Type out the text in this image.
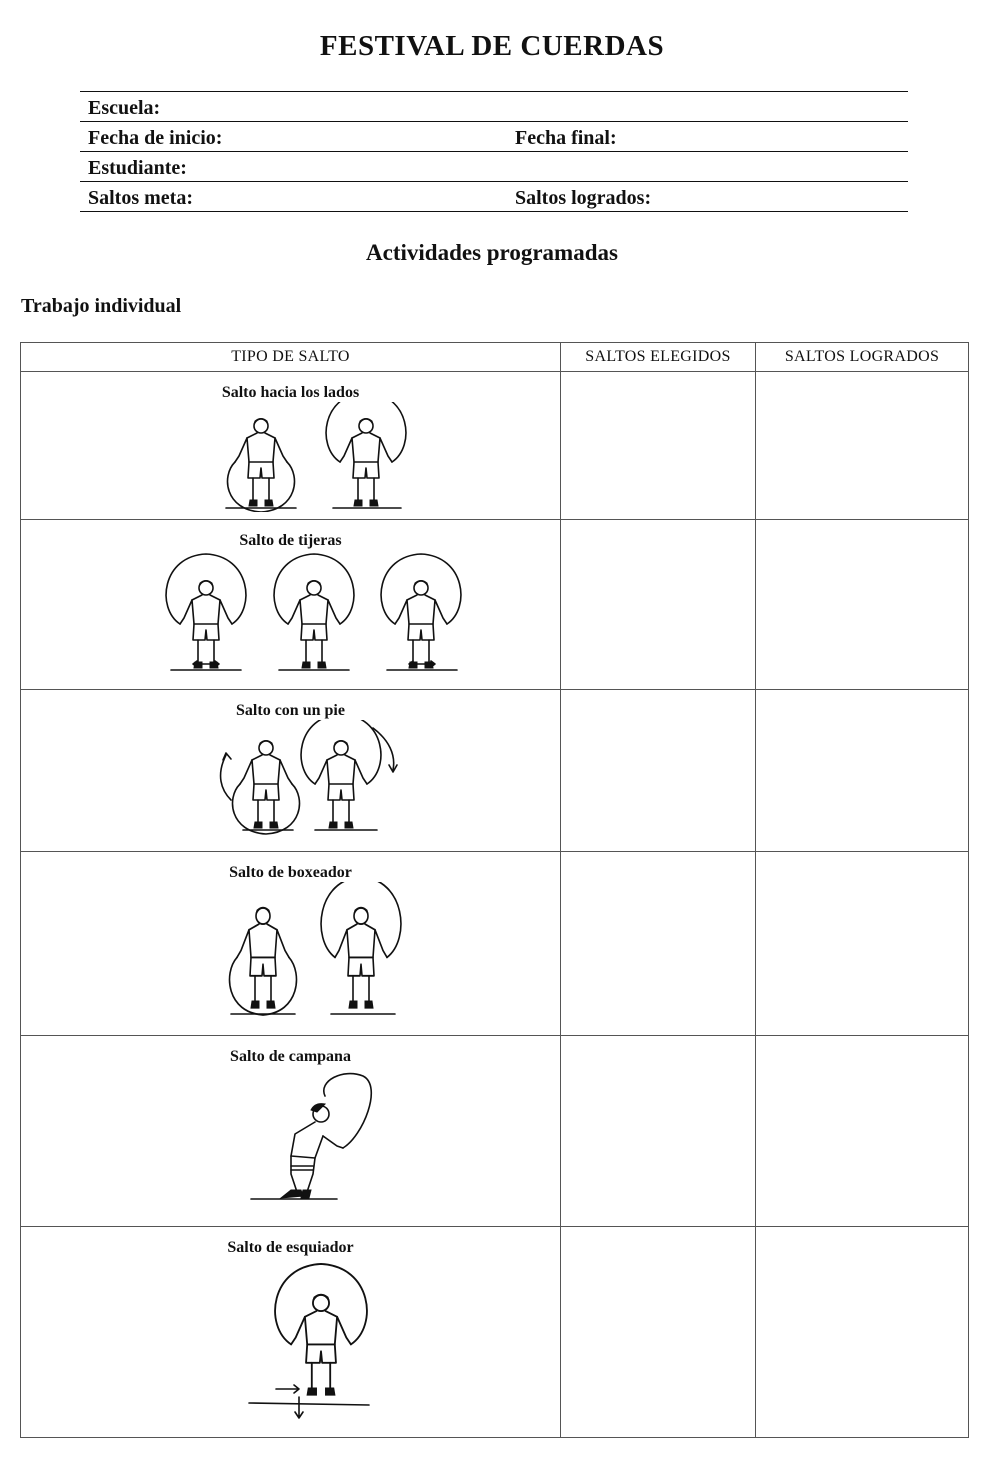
FESTIVAL DE CUERDAS
Escuela:
Fecha de inicio:	Fecha final:
Estudiante:
Saltos meta:	Saltos logrados:
Actividades programadas
Trabajo individual
TIPO DE SALTO	SALTOS ELEGIDOS	SALTOS LOGRADOS

Salto hacia los lados		

Salto de tijeras		

Salto con un pie		

Salto de boxeador		

Salto de campana		

Salto de esquiador		
